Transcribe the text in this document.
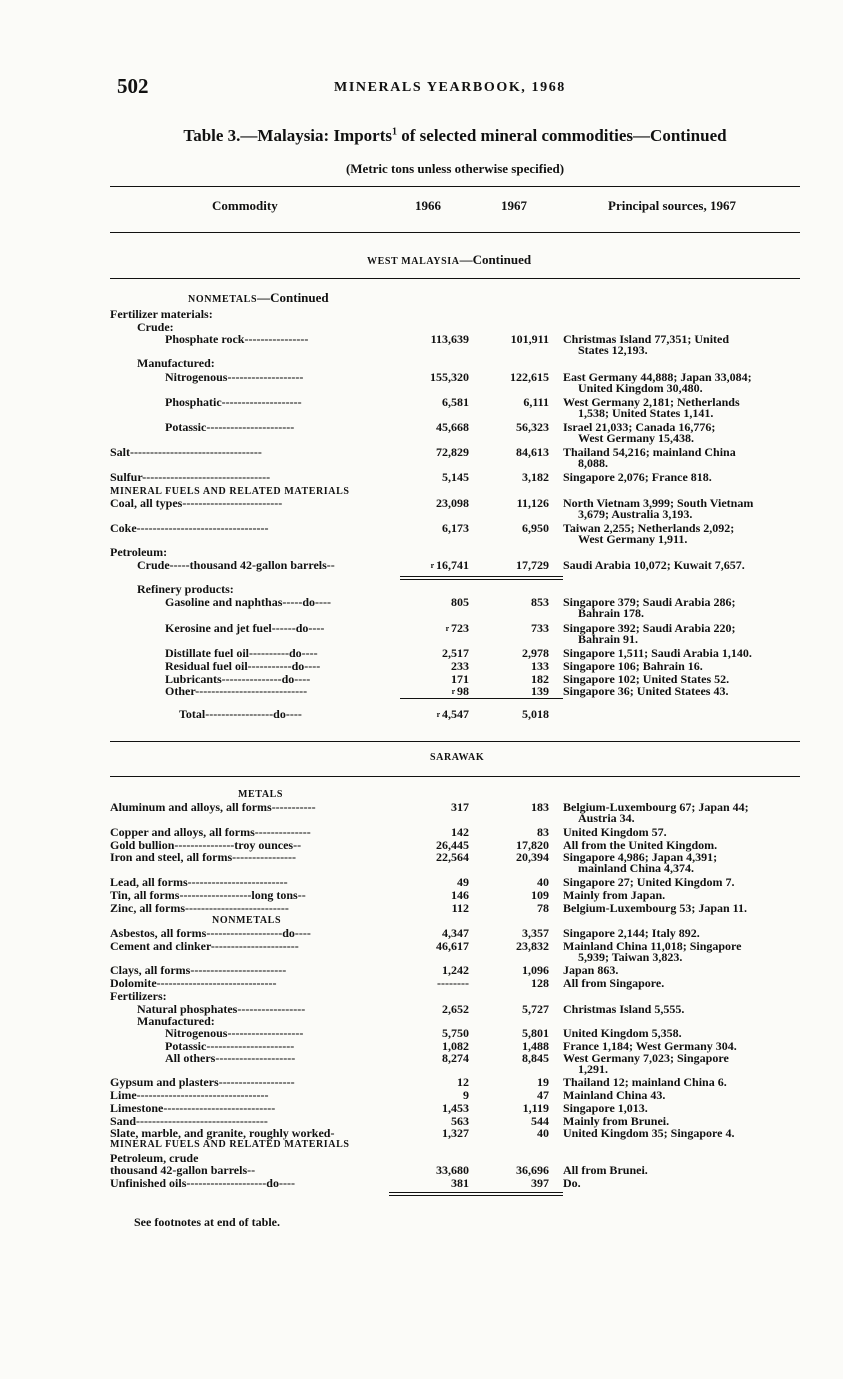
502	MINERALS YEARBOOK, 1968
Table 3.—Malaysia: Imports$^1$ of selected mineral commodities—Continued
(Metric tons unless otherwise specified)
Commodity	1966	1967	Principal sources, 1967
WEST MALAYSIA—Continued
NONMETALS—Continued
MINERAL FUELS AND RELATED MATERIALS
Fertilizer materials:
Crude:
Phosphate rock----------------	113,639	101,911 Christmas Island 77,351; United
States 12,193.
Manufactured:
Nitrogenous-------------------	155,320	122,615 East Germany 44,888; Japan 33,084;
United Kingdom 30,480.
Phosphatic--------------------	6,581	6,111 West Germany 2,181; Netherlands
1,538; United States 1,141.
Potassic----------------------	45,668	56,323 Israel 21,033; Canada 16,776;
West Germany 15,438.
Salt---------------------------------	72,829	84,613 Thailand 54,216; mainland China
8,088.
Sulfur--------------------------------	5,145	3,182 Singapore 2,076; France 818.
Coal, all types-------------------------	23,098	11,126 North Vietnam 3,999; South Vietnam
3,679; Australia 3,193.
Coke---------------------------------	6,173	6,950 Taiwan 2,255; Netherlands 2,092;
West Germany 1,911.
Petroleum:
Crude-----thousand 42-gallon barrels--	$^r$ 16,741	17,729 Saudi Arabia 10,072; Kuwait 7,657.
Refinery products:
Gasoline and naphthas-----do----	805	853 Singapore 379; Saudi Arabia 286;
Bahrain 178.
Kerosine and jet fuel------do----	$^r$ 723	733 Singapore 392; Saudi Arabia 220;
Bahrain 91.
Distillate fuel oil----------do----	2,517	2,978 Singapore 1,511; Saudi Arabia 1,140.
Residual fuel oil-----------do----	233	133 Singapore 106; Bahrain 16.
Lubricants---------------do----	171	182 Singapore 102; United States 52.
Other----------------------------	$^r$ 98	139 Singapore 36; United Statees 43.
Total-----------------do----	$^r$ 4,547	5,018
Aluminum and alloys, all forms-----------	317	183 Belgium-Luxembourg 67; Japan 44;
Austria 34.
Copper and alloys, all forms--------------	142	83 United Kingdom 57.
Gold bullion---------------troy ounces--	26,445	17,820 All from the United Kingdom.
Iron and steel, all forms----------------	22,564	20,394 Singapore 4,986; Japan 4,391;
mainland China 4,374.
Lead, all forms-------------------------	49	40 Singapore 27; United Kingdom 7.
Tin, all forms------------------long tons--	146	109 Mainly from Japan.
Zinc, all forms--------------------------	112	78 Belgium-Luxembourg 53; Japan 11.
Asbestos, all forms-------------------do----	4,347	3,357 Singapore 2,144; Italy 892.
Cement and clinker----------------------	46,617	23,832 Mainland China 11,018; Singapore
5,939; Taiwan 3,823.
Clays, all forms------------------------	1,242	1,096 Japan 863.
Dolomite------------------------------	--------	128 All from Singapore.
Fertilizers:
Natural phosphates-----------------	2,652	5,727 Christmas Island 5,555.
Manufactured:
Nitrogenous-------------------	5,750	5,801 United Kingdom 5,358.
Potassic----------------------	1,082	1,488 France 1,184; West Germany 304.
All others--------------------	8,274	8,845 West Germany 7,023; Singapore
1,291.
Gypsum and plasters-------------------	12	19 Thailand 12; mainland China 6.
Lime---------------------------------	9	47 Mainland China 43.
Limestone----------------------------	1,453	1,119 Singapore 1,013.
Sand---------------------------------	563	544 Mainly from Brunei.
Slate, marble, and granite, roughly worked-	1,327	40 United Kingdom 35; Singapore 4.
Petroleum, crude
thousand 42-gallon barrels--	33,680	36,696 All from Brunei.
Unfinished oils--------------------do----	381	397 Do.
SARAWAK
METALS
NONMETALS
MINERAL FUELS AND RELATED MATERIALS
See footnotes at end of table.
